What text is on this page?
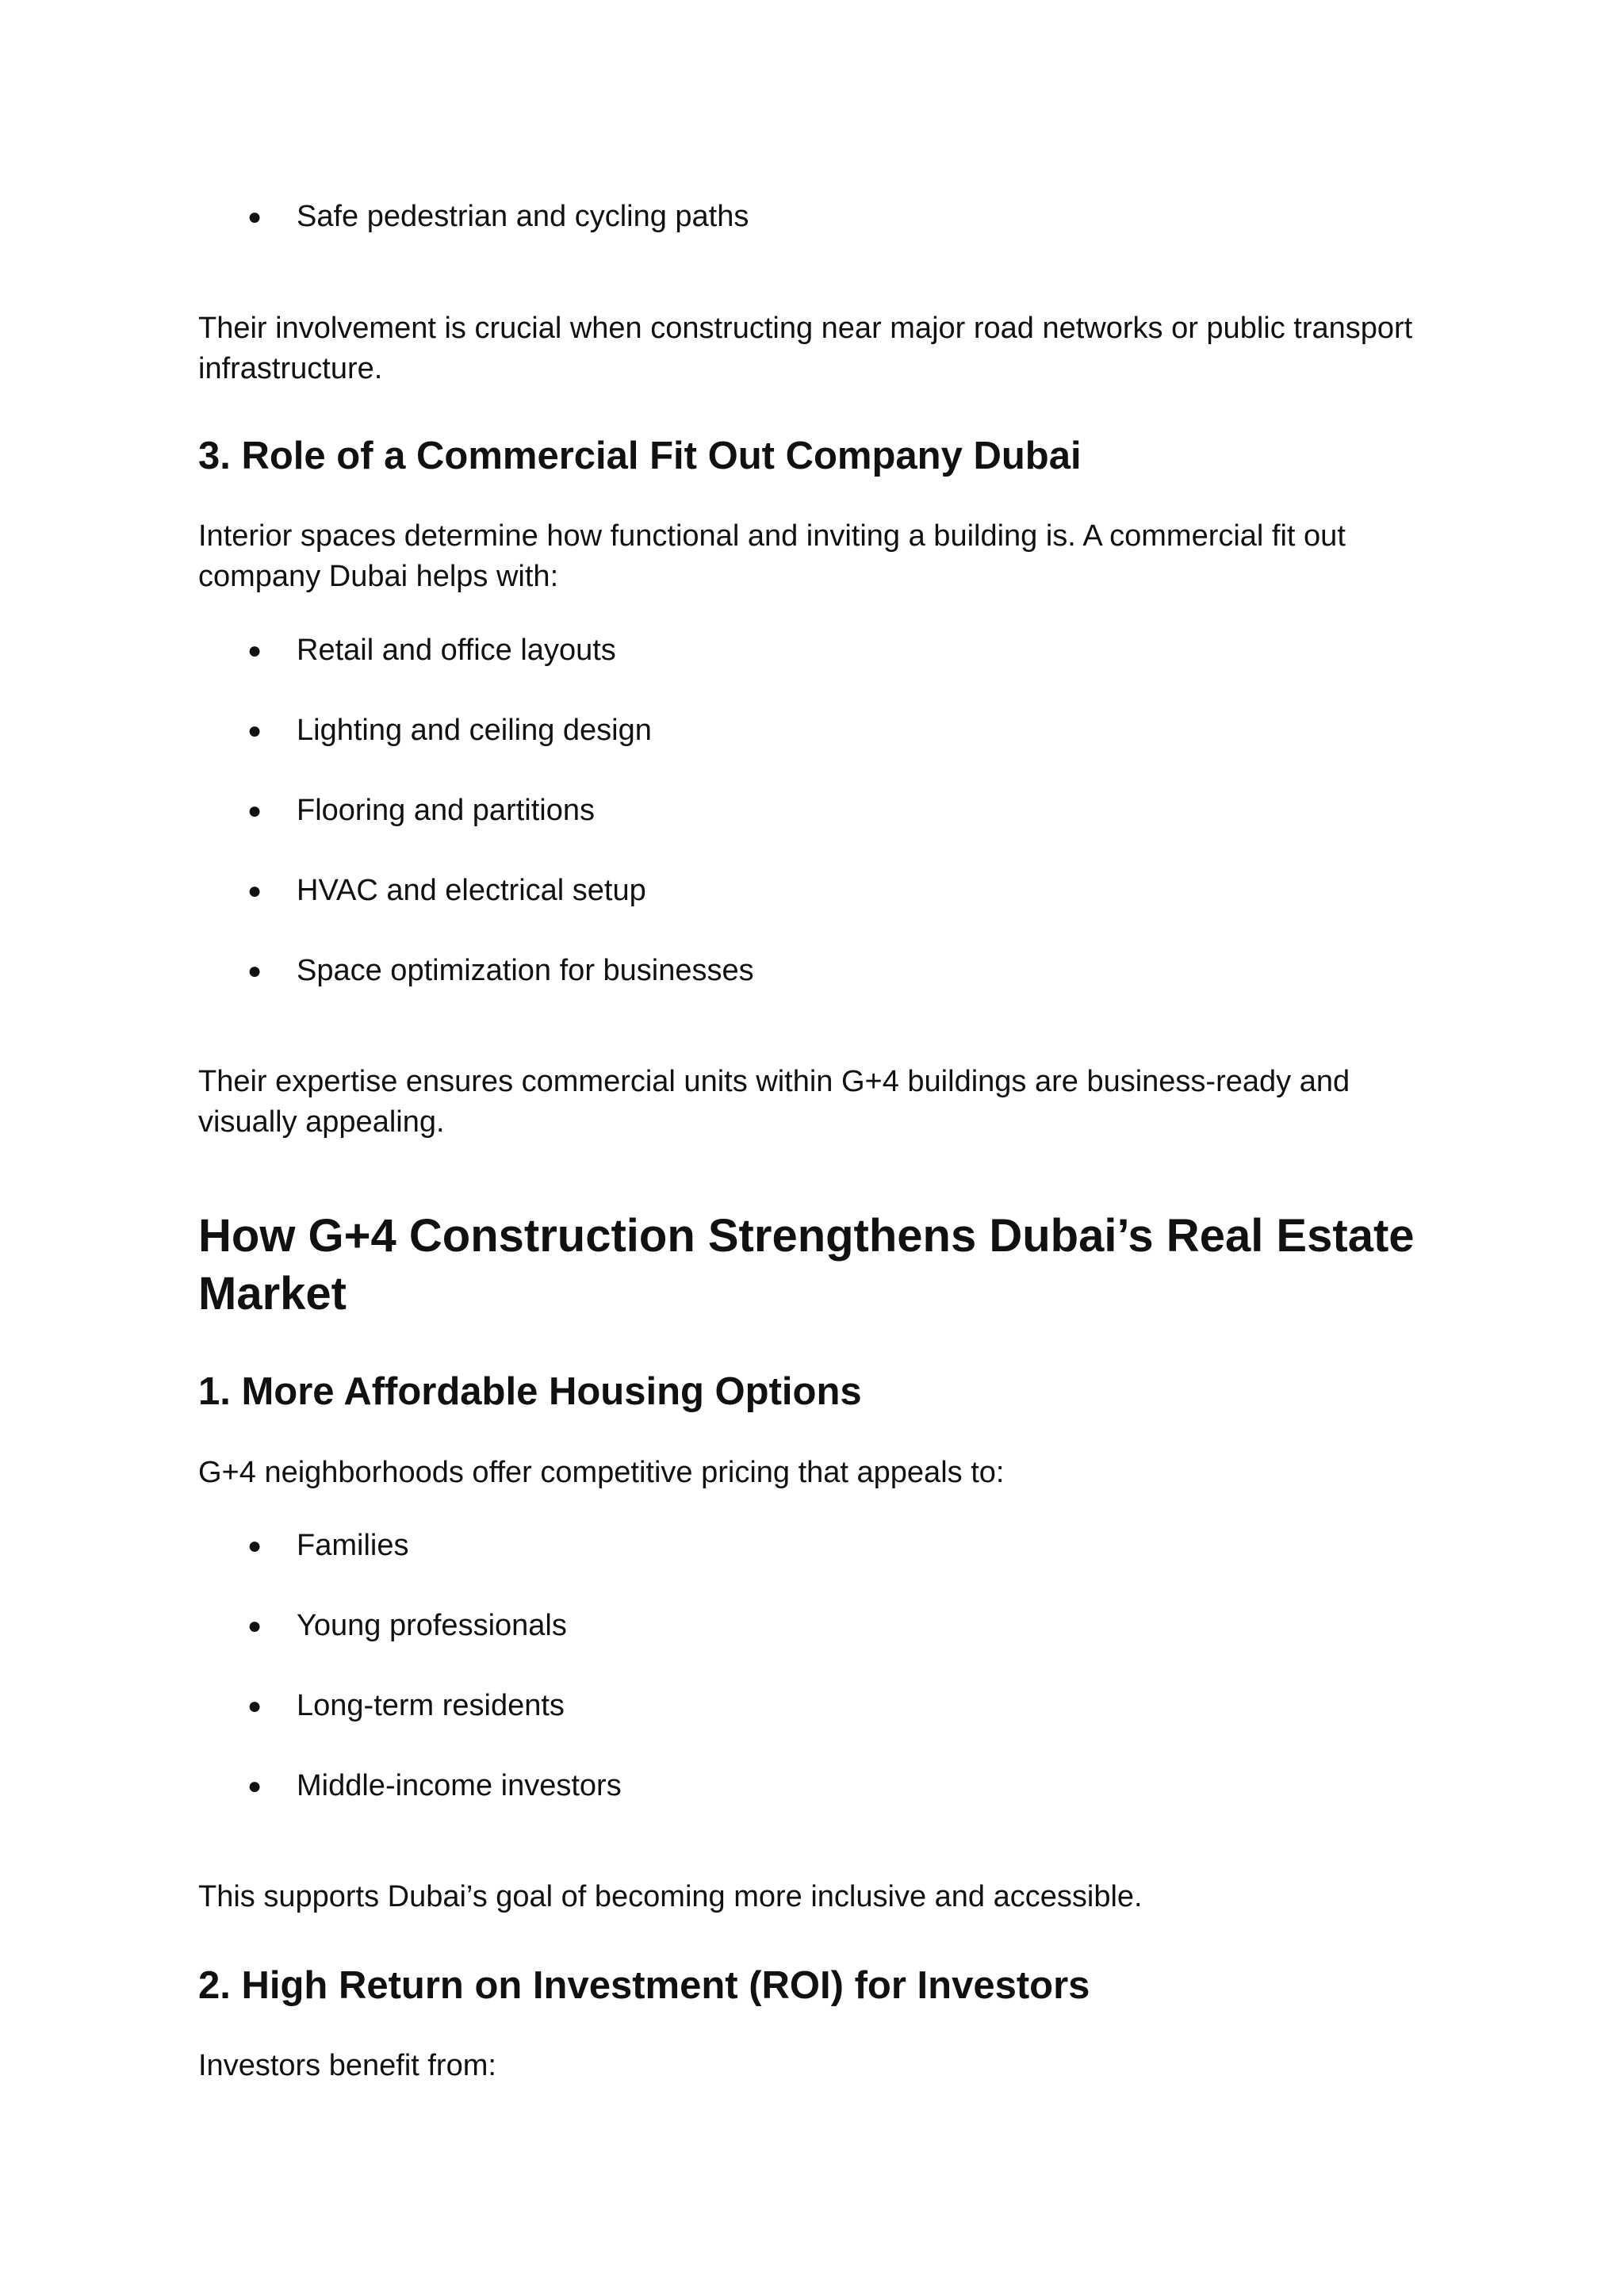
● Safe pedestrian and cycling paths

Their involvement is crucial when constructing near major road networks or public transport infrastructure.

3. Role of a Commercial Fit Out Company Dubai

Interior spaces determine how functional and inviting a building is. A commercial fit out company Dubai helps with:

● Retail and office layouts
● Lighting and ceiling design
● Flooring and partitions
● HVAC and electrical setup
● Space optimization for businesses

Their expertise ensures commercial units within G+4 buildings are business-ready and visually appealing.

How G+4 Construction Strengthens Dubai’s Real Estate Market
1. More Affordable Housing Options

G+4 neighborhoods offer competitive pricing that appeals to:

● Families
● Young professionals
● Long-term residents
● Middle-income investors

This supports Dubai’s goal of becoming more inclusive and accessible.

2. High Return on Investment (ROI) for Investors

Investors benefit from:
